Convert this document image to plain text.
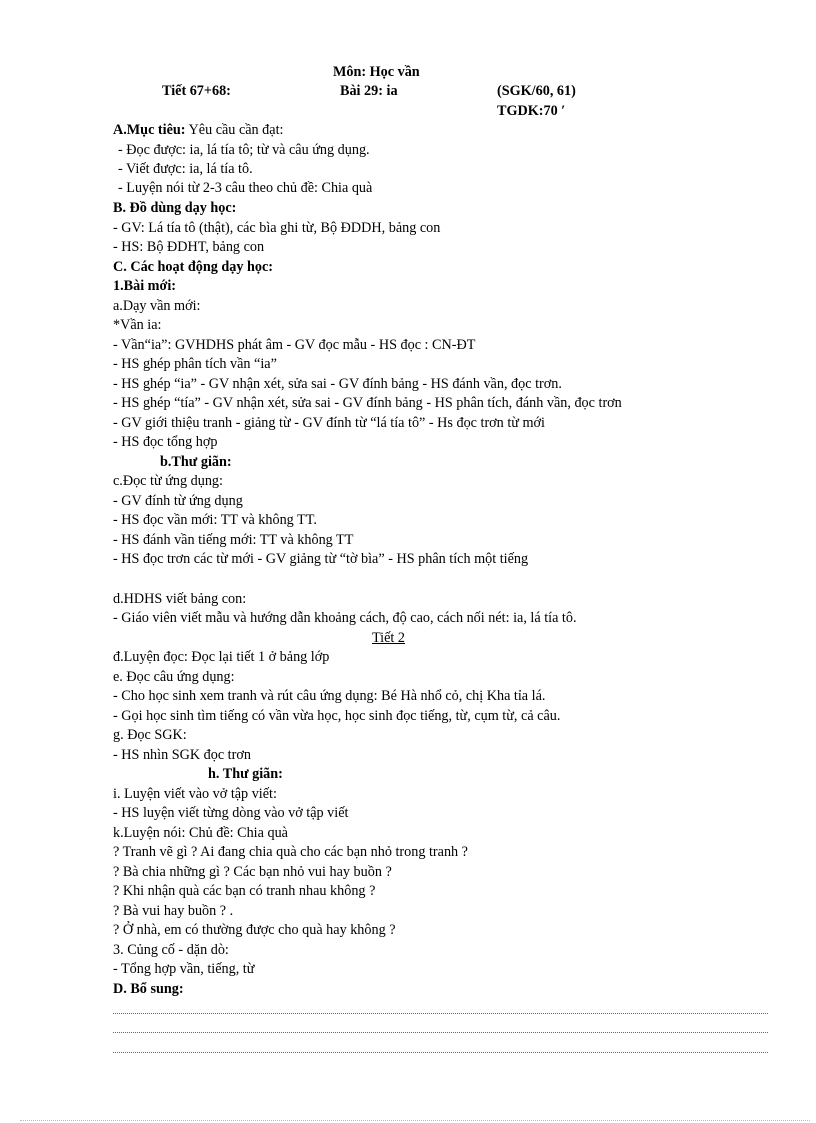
Môn: Học vần
Tiết 67+68:	Bài 29: ia	(SGK/60, 61)
TGDK:70 ′
A.Mục tiêu: Yêu cầu cần đạt:
- Đọc được: ia, lá tía tô; từ và câu ứng dụng.
- Viết được: ia, lá tía tô.
- Luyện nói từ 2-3 câu theo chủ đề: Chia quà
B. Đồ dùng dạy học:
- GV: Lá tía tô (thật), các bìa ghi từ, Bộ ĐDDH, bảng con
- HS: Bộ ĐDHT, bảng con
C. Các hoạt động dạy học:
1.Bài mới:
a.Dạy vần mới:
*Vần ia:
- Vần“ia”: GVHDHS phát âm - GV đọc mẫu - HS đọc : CN-ĐT
- HS ghép phân tích vần “ia”
- HS ghép “ia” - GV nhận xét, sửa sai - GV đính bảng - HS đánh vần, đọc trơn.
- HS ghép “tía” - GV nhận xét, sửa sai - GV đính bảng - HS phân tích, đánh vần, đọc trơn
- GV giới thiệu tranh - giảng từ - GV đính từ “lá tía tô” - Hs đọc trơn từ mới
- HS đọc tổng hợp
b.Thư giãn:
c.Đọc từ ứng dụng:
- GV đính từ ứng dụng
- HS đọc vần mới: TT và không TT.
- HS đánh vần tiếng mới: TT và không TT
- HS đọc trơn các từ mới - GV giảng từ “tờ bìa” - HS phân tích một tiếng
d.HDHS viết bảng con:
- Giáo viên viết mẫu và hướng dẫn khoảng cách, độ cao, cách nối nét: ia, lá tía tô.
Tiết 2
đ.Luyện đọc: Đọc lại tiết 1 ở bảng lớp
e. Đọc câu ứng dụng:
- Cho học sinh xem tranh và rút câu ứng dụng: Bé Hà nhổ cỏ, chị Kha tỉa lá.
- Gọi học sinh tìm tiếng có vần vừa học, học sinh đọc tiếng, từ, cụm từ, cả câu.
g. Đọc SGK:
- HS nhìn SGK đọc trơn
h. Thư giãn:
i. Luyện viết vào vở tập viết:
- HS luyện viết từng dòng vào vở tập viết
k.Luyện nói: Chủ đề: Chia quà
? Tranh vẽ gì ? Ai đang chia quà cho các bạn nhỏ trong tranh ?
? Bà chia những gì ? Các bạn nhỏ vui hay buồn ?
? Khi nhận quà các bạn có tranh nhau không ?
? Bà vui hay buồn ? .
? Ở nhà, em có thường được cho quà hay không ?
3. Củng cố - dặn dò:
- Tổng hợp vần, tiếng, từ
D. Bổ sung:
